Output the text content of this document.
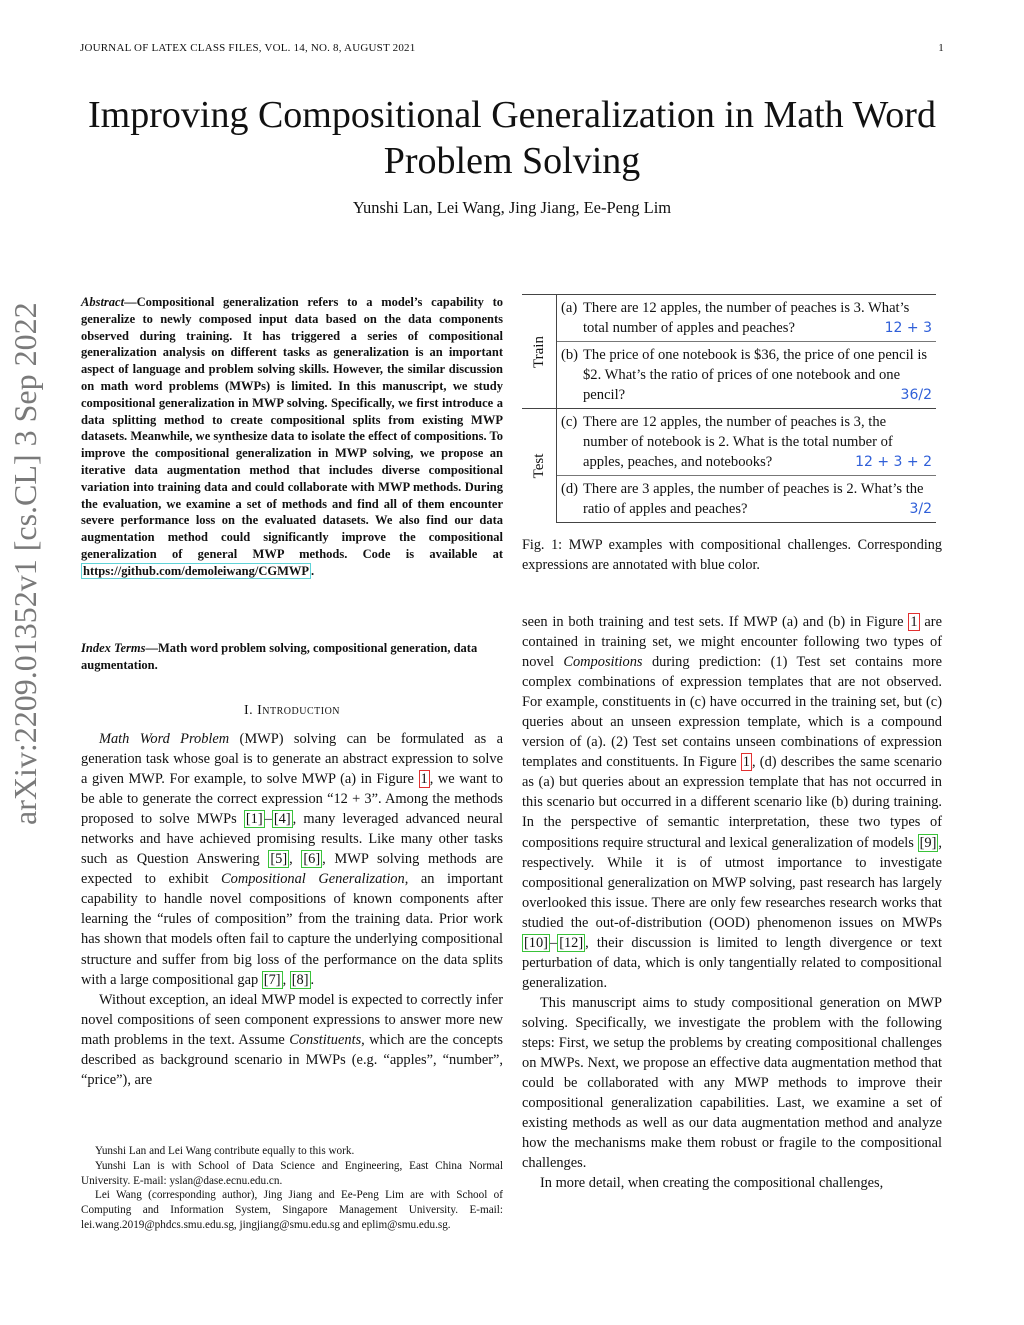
JOURNAL OF LATEX CLASS FILES, VOL. 14, NO. 8, AUGUST 2021	1
Improving Compositional Generalization in Math Word Problem Solving
Yunshi Lan, Lei Wang, Jing Jiang, Ee-Peng Lim
arXiv:2209.01352v1 [cs.CL] 3 Sep 2022
Abstract—Compositional generalization refers to a model’s capability to generalize to newly composed input data based on the data components observed during training. It has triggered a series of compositional generalization analysis on different tasks as generalization is an important aspect of language and problem solving skills. However, the similar discussion on math word problems (MWPs) is limited. In this manuscript, we study compositional generalization in MWP solving. Specifically, we first introduce a data splitting method to create compositional splits from existing MWP datasets. Meanwhile, we synthesize data to isolate the effect of compositions. To improve the compositional generalization in MWP solving, we propose an iterative data augmentation method that includes diverse compositional variation into training data and could collaborate with MWP methods. During the evaluation, we examine a set of methods and find all of them encounter severe performance loss on the evaluated datasets. We also find our data augmentation method could significantly improve the compositional generalization of general MWP methods. Code is available at https://github.com/demoleiwang/CGMWP .
Index Terms—Math word problem solving, compositional generation, data augmentation.
I. Introduction

Math Word Problem (MWP) solving can be formulated as a generation task whose goal is to generate an abstract expression to solve a given MWP. For example, to solve MWP (a) in Figure 1 , we want to be able to generate the correct expression “12 + 3”. Among the methods proposed to solve MWPs [1] – [4] , many leveraged advanced neural networks and have achieved promising results. Like many other tasks such as Question Answering [5] , [6] , MWP solving methods are expected to exhibit Compositional Generalization, an important capability to handle novel compositions of known components after learning the “rules of composition” from the training data. Prior work has shown that models often fail to capture the underlying compositional structure and suffer from big loss of the performance on the data splits with a large compositional gap [7] , [8] .

Without exception, an ideal MWP model is expected to correctly infer novel compositions of seen component expressions to answer more new math problems in the text. Assume Constituents, which are the concepts described as background scenario in MWPs (e.g. “apples”, “number”, “price”), are

Yunshi Lan and Lei Wang contribute equally to this work.

Yunshi Lan is with School of Data Science and Engineering, East China Normal University. E-mail: yslan@dase.ecnu.edu.cn.

Lei Wang (corresponding author), Jing Jiang and Ee-Peng Lim are with School of Computing and Information System, Singapore Management University. E-mail: lei.wang.2019@phdcs.smu.edu.sg, jingjiang@smu.edu.sg and eplim@smu.edu.sg.

Train	(a)	There are 12 apples, the number of peaches is 3. What’s total number of apples and peaches? 12 + 3

	(b)	The price of one notebook is $36, the price of one pencil is $2. What’s the ratio of prices of one notebook and one pencil? 36/2

Test	(c)	There are 12 apples, the number of peaches is 3, the number of notebook is 2. What is the total number of apples, peaches, and notebooks? 12 + 3 + 2

	(d)	There are 3 apples, the number of peaches is 2. What’s the ratio of apples and peaches? 3/2
Fig. 1: MWP examples with compositional challenges. Corresponding expressions are annotated with blue color.

seen in both training and test sets. If MWP (a) and (b) in Figure 1 are contained in training set, we might encounter following two types of novel Compositions during prediction: (1) Test set contains more complex combinations of expression templates that are not observed. For example, constituents in (c) have occurred in the training set, but (c) queries about an unseen expression template, which is a compound version of (a). (2) Test set contains unseen combinations of expression templates and constituents. In Figure 1 , (d) describes the same scenario as (a) but queries about an expression template that has not occurred in this scenario but occurred in a different scenario like (b) during training. In the perspective of semantic interpretation, these two types of compositions require structural and lexical generalization of models [9] , respectively. While it is of utmost importance to investigate compositional generalization on MWP solving, past research has largely overlooked this issue. There are only few researches research works that studied the out-of-distribution (OOD) phenomenon issues on MWPs [10] – [12] , their discussion is limited to length divergence or text perturbation of data, which is only tangentially related to compositional generalization.

This manuscript aims to study compositional generation on MWP solving. Specifically, we investigate the problem with the following steps: First, we setup the problems by creating compositional challenges on MWPs. Next, we propose an effective data augmentation method that could be collaborated with any MWP methods to improve their compositional generalization capabilities. Last, we examine a set of existing methods as well as our data augmentation method and analyze how the mechanisms make them robust or fragile to the compositional challenges.

In more detail, when creating the compositional challenges,
